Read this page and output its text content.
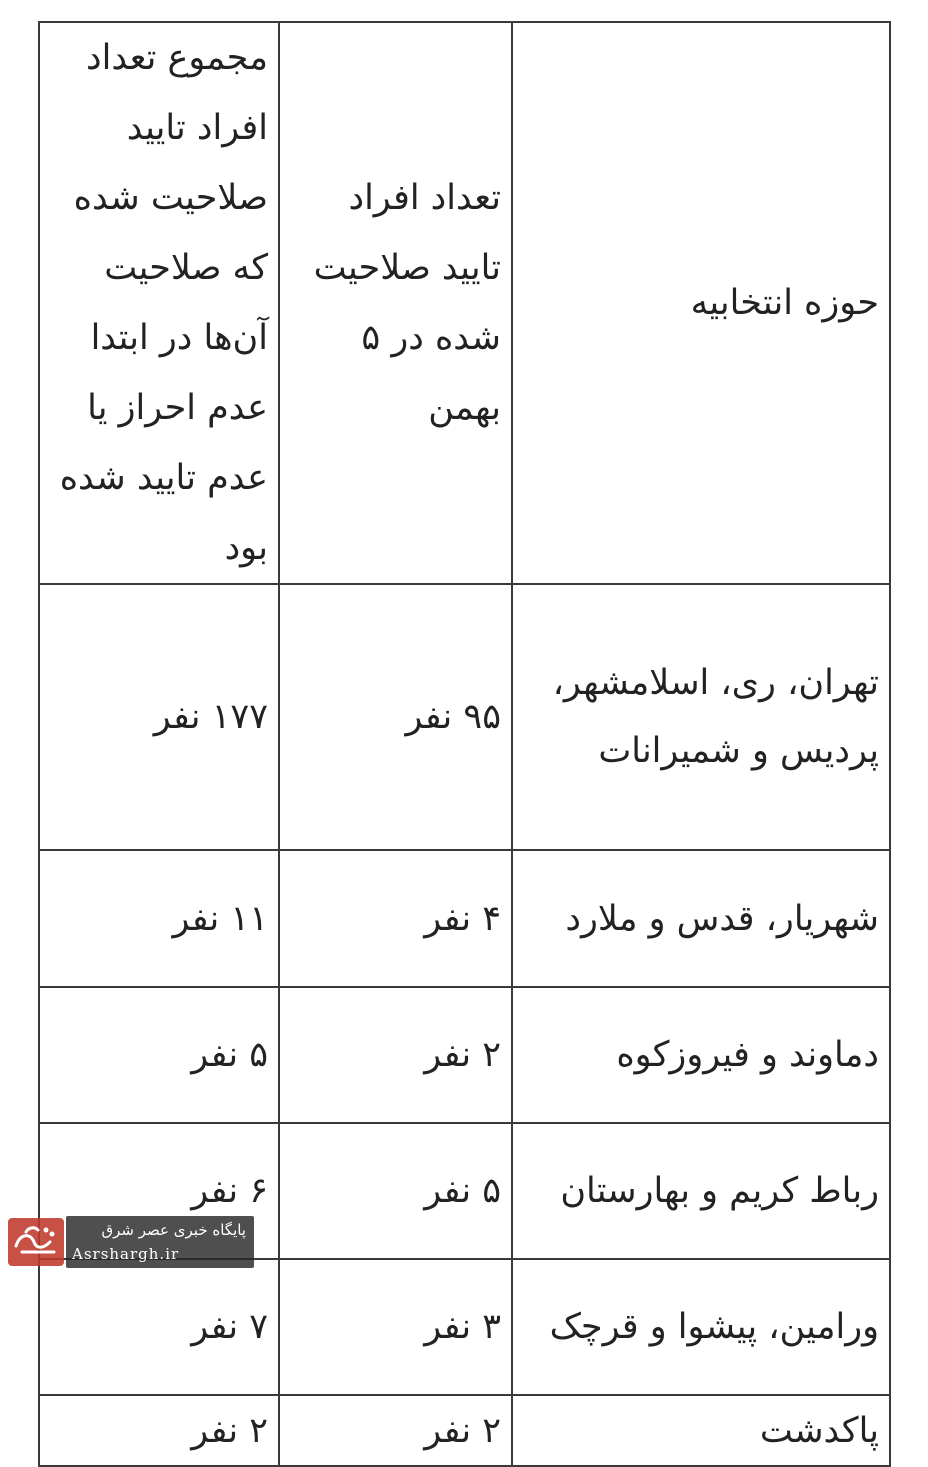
حوزه انتخابیه	تعداد افراد تایید صلاحیت شده در ۵ بهمن	مجموع تعداد افراد تایید صلاحیت شده که صلاحیت آن‌ها در ابتدا عدم احراز یا عدم تایید شده بود
تهران، ری، اسلامشهر، پردیس و شمیرانات	۹۵ نفر	۱۷۷ نفر
شهریار، قدس و ملارد	۴ نفر	۱۱ نفر
دماوند و فیروزکوه	۲ نفر	۵ نفر
رباط کریم و بهارستان	۵ نفر	۶ نفر
ورامین، پیشوا و قرچک	۳ نفر	۷ نفر
پاکدشت	۲ نفر	۲ نفر
پایگاه خبری عصر شرق
Asrshargh.ir
